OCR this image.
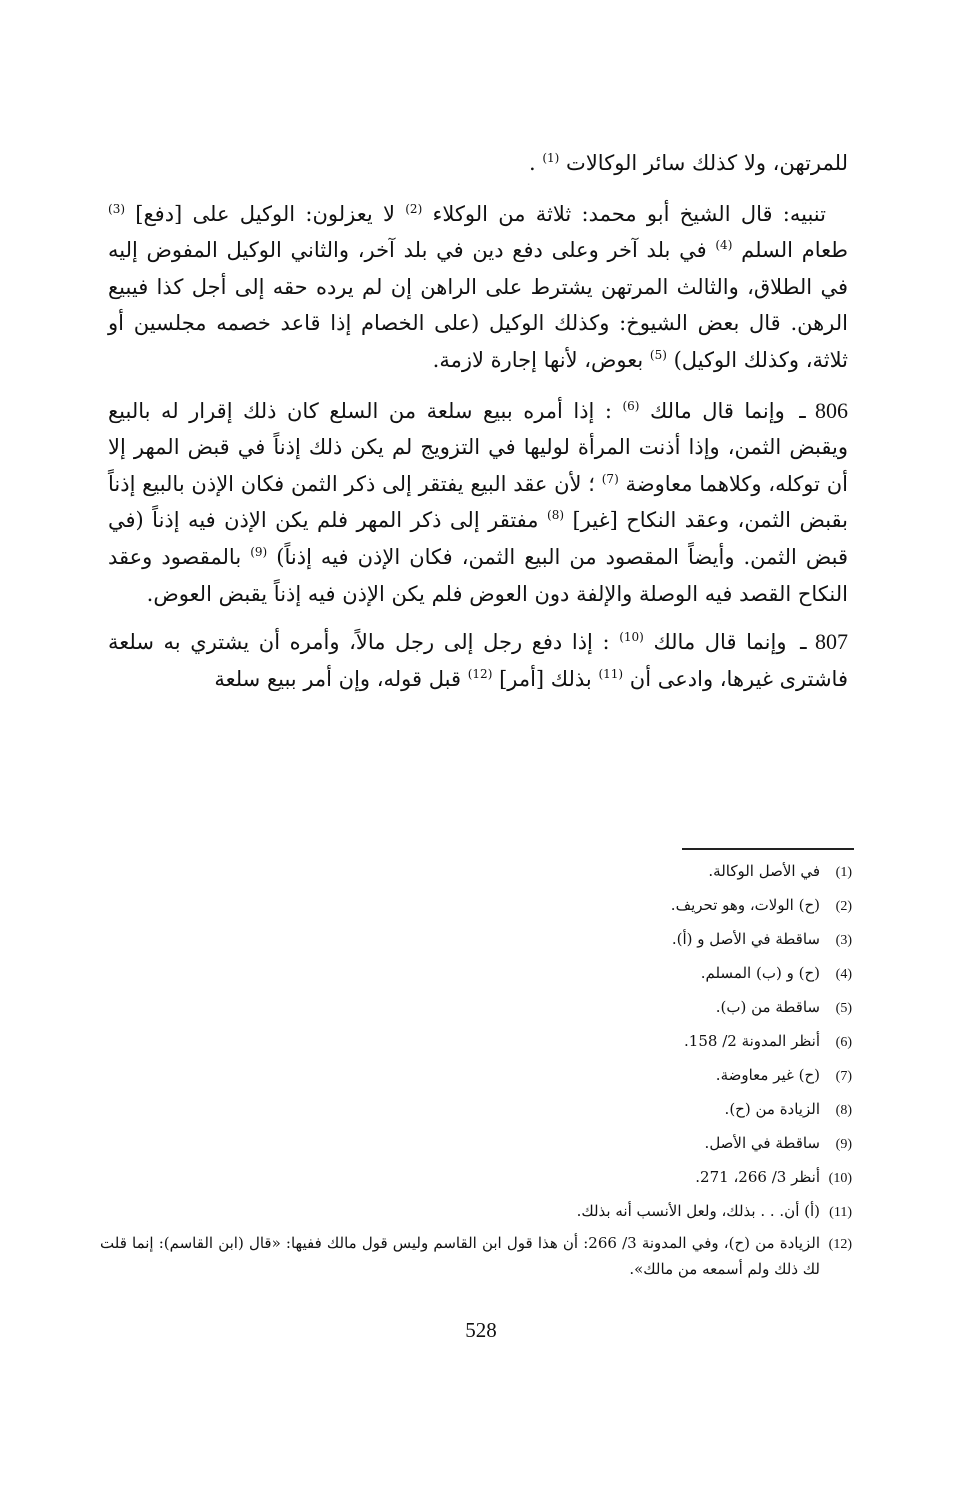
للمرتهن، ولا كذلك سائر الوكالات $^{(1)}$ .

تنبيه: قال الشيخ أبو محمد: ثلاثة من الوكلاء $^{(2)}$ لا يعزلون: الوكيل على [دفع] $^{(3)}$ طعام السلم $^{(4)}$ في بلد آخر وعلى دفع دين في بلد آخر، والثاني الوكيل المفوض إليه في الطلاق، والثالث المرتهن يشترط على الراهن إن لم يرده حقه إلى أجل كذا فيبيع الرهن. قال بعض الشيوخ: وكذلك الوكيل (على الخصام إذا قاعد خصمه مجلسين أو ثلاثة، وكذلك الوكيل) $^{(5)}$ بعوض، لأنها إجارة لازمة.

806 ـ وإنما قال مالك $^{(6)}$ : إذا أمره ببيع سلعة من السلع كان ذلك إقرار له بالبيع ويقبض الثمن، وإذا أذنت المرأة لوليها في التزويج لم يكن ذلك إذناً في قبض المهر إلا أن توكله، وكلاهما معاوضة $^{(7)}$ ؛ لأن عقد البيع يفتقر إلى ذكر الثمن فكان الإذن بالبيع إذناً بقبض الثمن، وعقد النكاح [غير] $^{(8)}$ مفتقر إلى ذكر المهر فلم يكن الإذن فيه إذناً (في قبض الثمن. وأيضاً المقصود من البيع الثمن، فكان الإذن فيه إذناً) $^{(9)}$ بالمقصود وعقد النكاح القصد فيه الوصلة والإلفة دون العوض فلم يكن الإذن فيه إذناً يقبض العوض.

807 ـ وإنما قال مالك $^{(10)}$ : إذا دفع رجل إلى رجل مالاً، وأمره أن يشتري به سلعة فاشترى غيرها، وادعى أن $^{(11)}$ بذلك [أمر] $^{(12)}$ قبل قوله، وإن أمر ببيع سلعة

(1)
في الأصل الوكالة.
(2)
(ح) الولات، وهو تحريف.
(3)
ساقطة في الأصل و (أ).
(4)
(ح) و (ب) المسلم.
(5)
ساقطة من (ب).
(6)
أنظر المدونة 2/ 158.
(7)
(ح) غير معاوضة.
(8)
الزيادة من (ح).
(9)
ساقطة في الأصل.
(10)
أنظر 3/ 266، 271.
(11)
(أ) أن. . . بذلك، ولعل الأنسب أنه بذلك.
(12)
الزيادة من (ح)، وفي المدونة 3/ 266: أن هذا قول ابن القاسم وليس قول مالك ففيها: «قال (ابن القاسم): إنما قلت لك ذلك ولم أسمعه من مالك».
528
